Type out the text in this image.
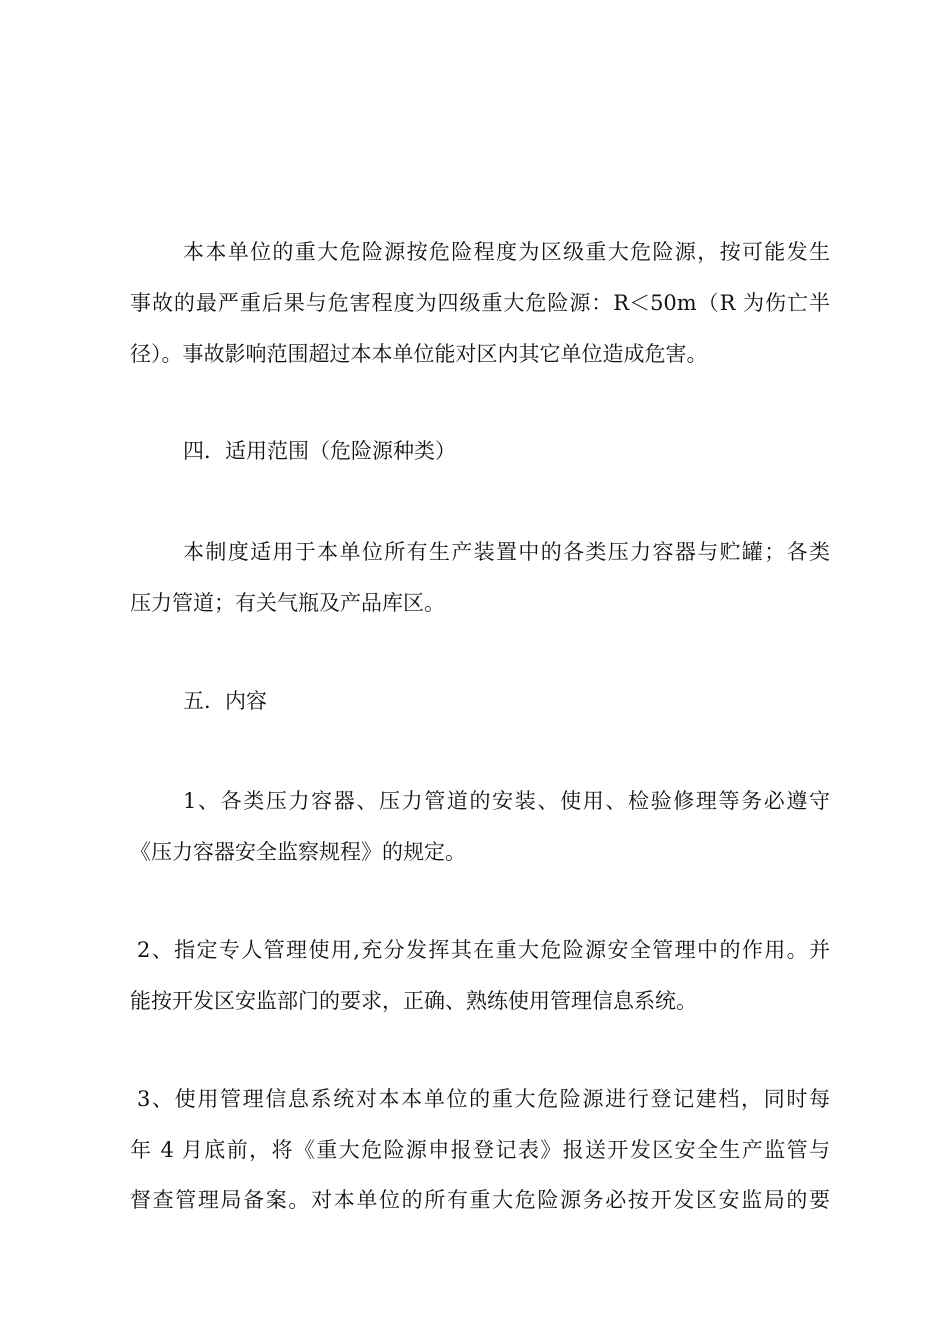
本本单位的重大危险源按危险程度为区级重大危险源，按可能发生
事故的最严重后果与危害程度为四级重大危险源：R＜50m（R 为伤亡半
径）。事故影响范围超过本本单位能对区内其它单位造成危害。
四．适用范围（危险源种类）
本制度适用于本单位所有生产装置中的各类压力容器与贮罐；各类
压力管道；有关气瓶及产品库区。
五．内容
1、各类压力容器、压力管道的安装、使用、检验修理等务必遵守
《压力容器安全监察规程》的规定。
2、指定专人管理使用,充分发挥其在重大危险源安全管理中的作用。并
能按开发区安监部门的要求，正确、熟练使用管理信息系统。
3、使用管理信息系统对本本单位的重大危险源进行登记建档，同时每
年 4 月底前，将《重大危险源申报登记表》报送开发区安全生产监管与
督查管理局备案。对本单位的所有重大危险源务必按开发区安监局的要
